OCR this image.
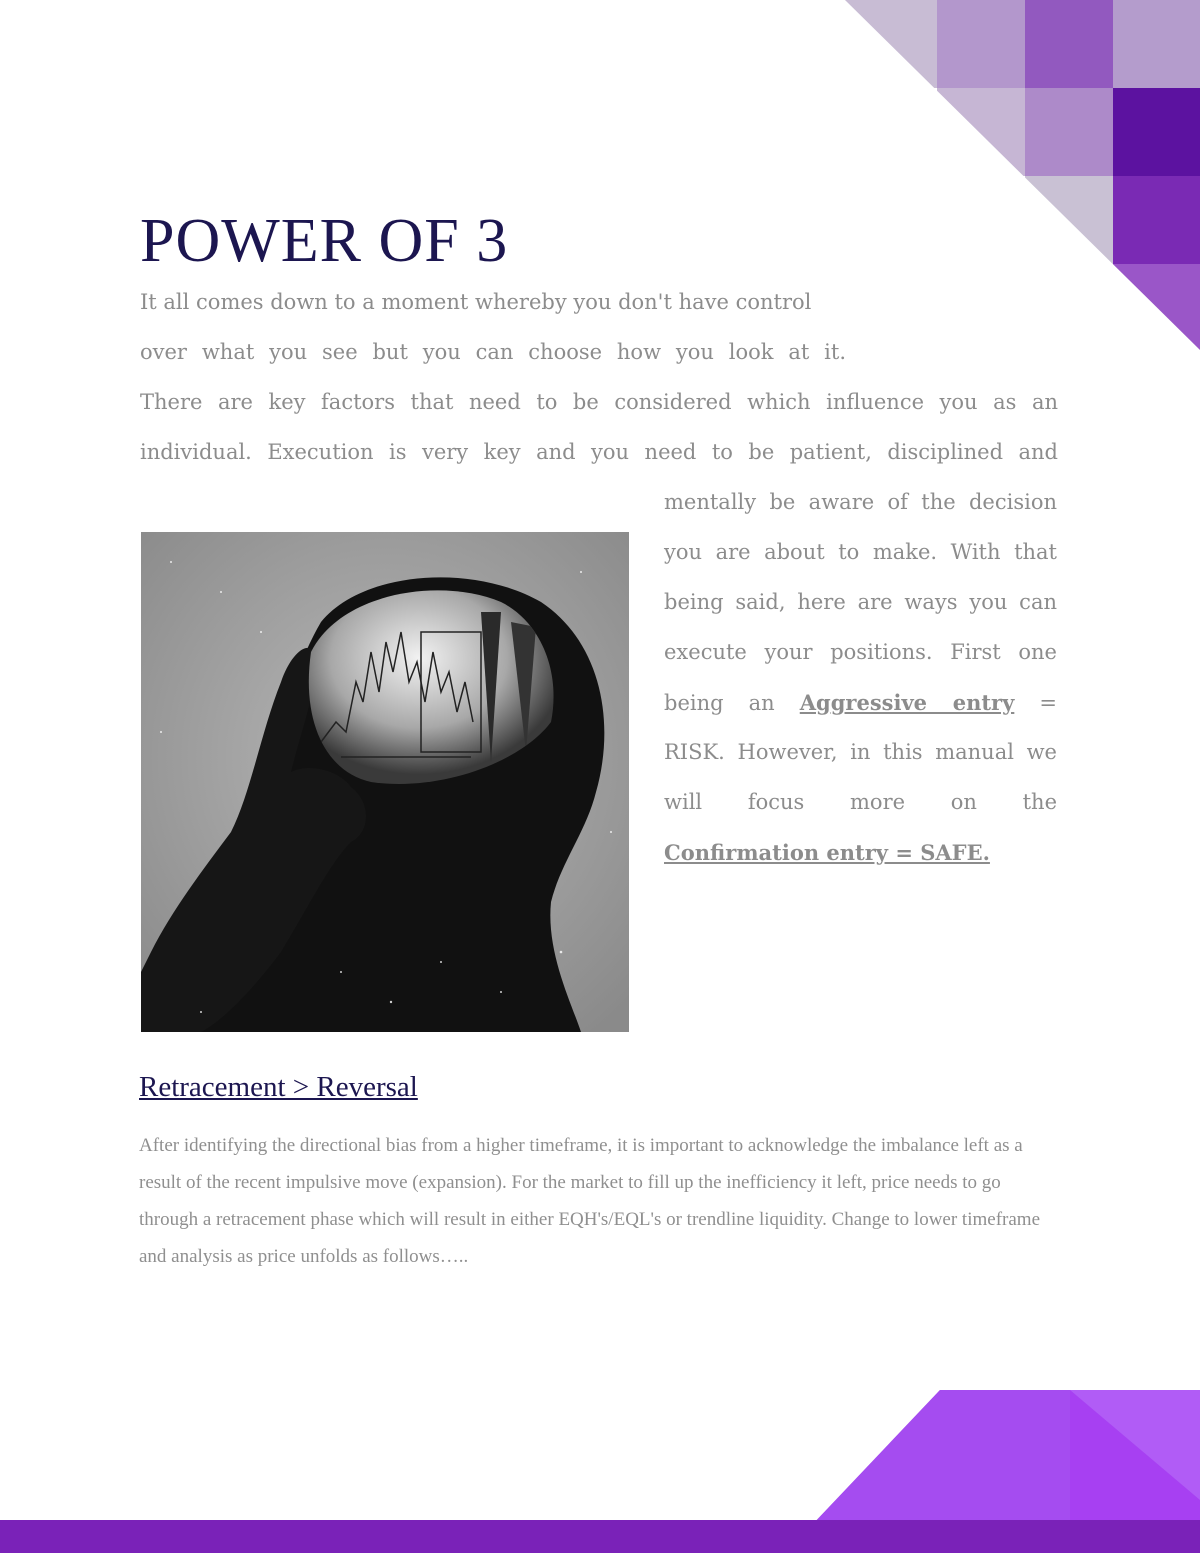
POWER OF 3
It all comes down to a moment whereby you don't have control
over what you see but you can choose how you look at it.
There are key factors that need to be considered which influence you as an
individual. Execution is very key and you need to be patient, disciplined and
mentally be aware of the decision
you are about to make. With that
being said, here are ways you can
execute your positions. First one
being an Aggressive entry =
RISK. However, in this manual we
will focus more on the
Confirmation entry = SAFE.
Retracement > Reversal

After identifying the directional bias from a higher timeframe, it is important to acknowledge the imbalance left as a result of the recent impulsive move (expansion). For the market to fill up the inefficiency it left, price needs to go through a retracement phase which will result in either EQH's/EQL's or trendline liquidity. Change to lower timeframe and analysis as price unfolds as follows…..
